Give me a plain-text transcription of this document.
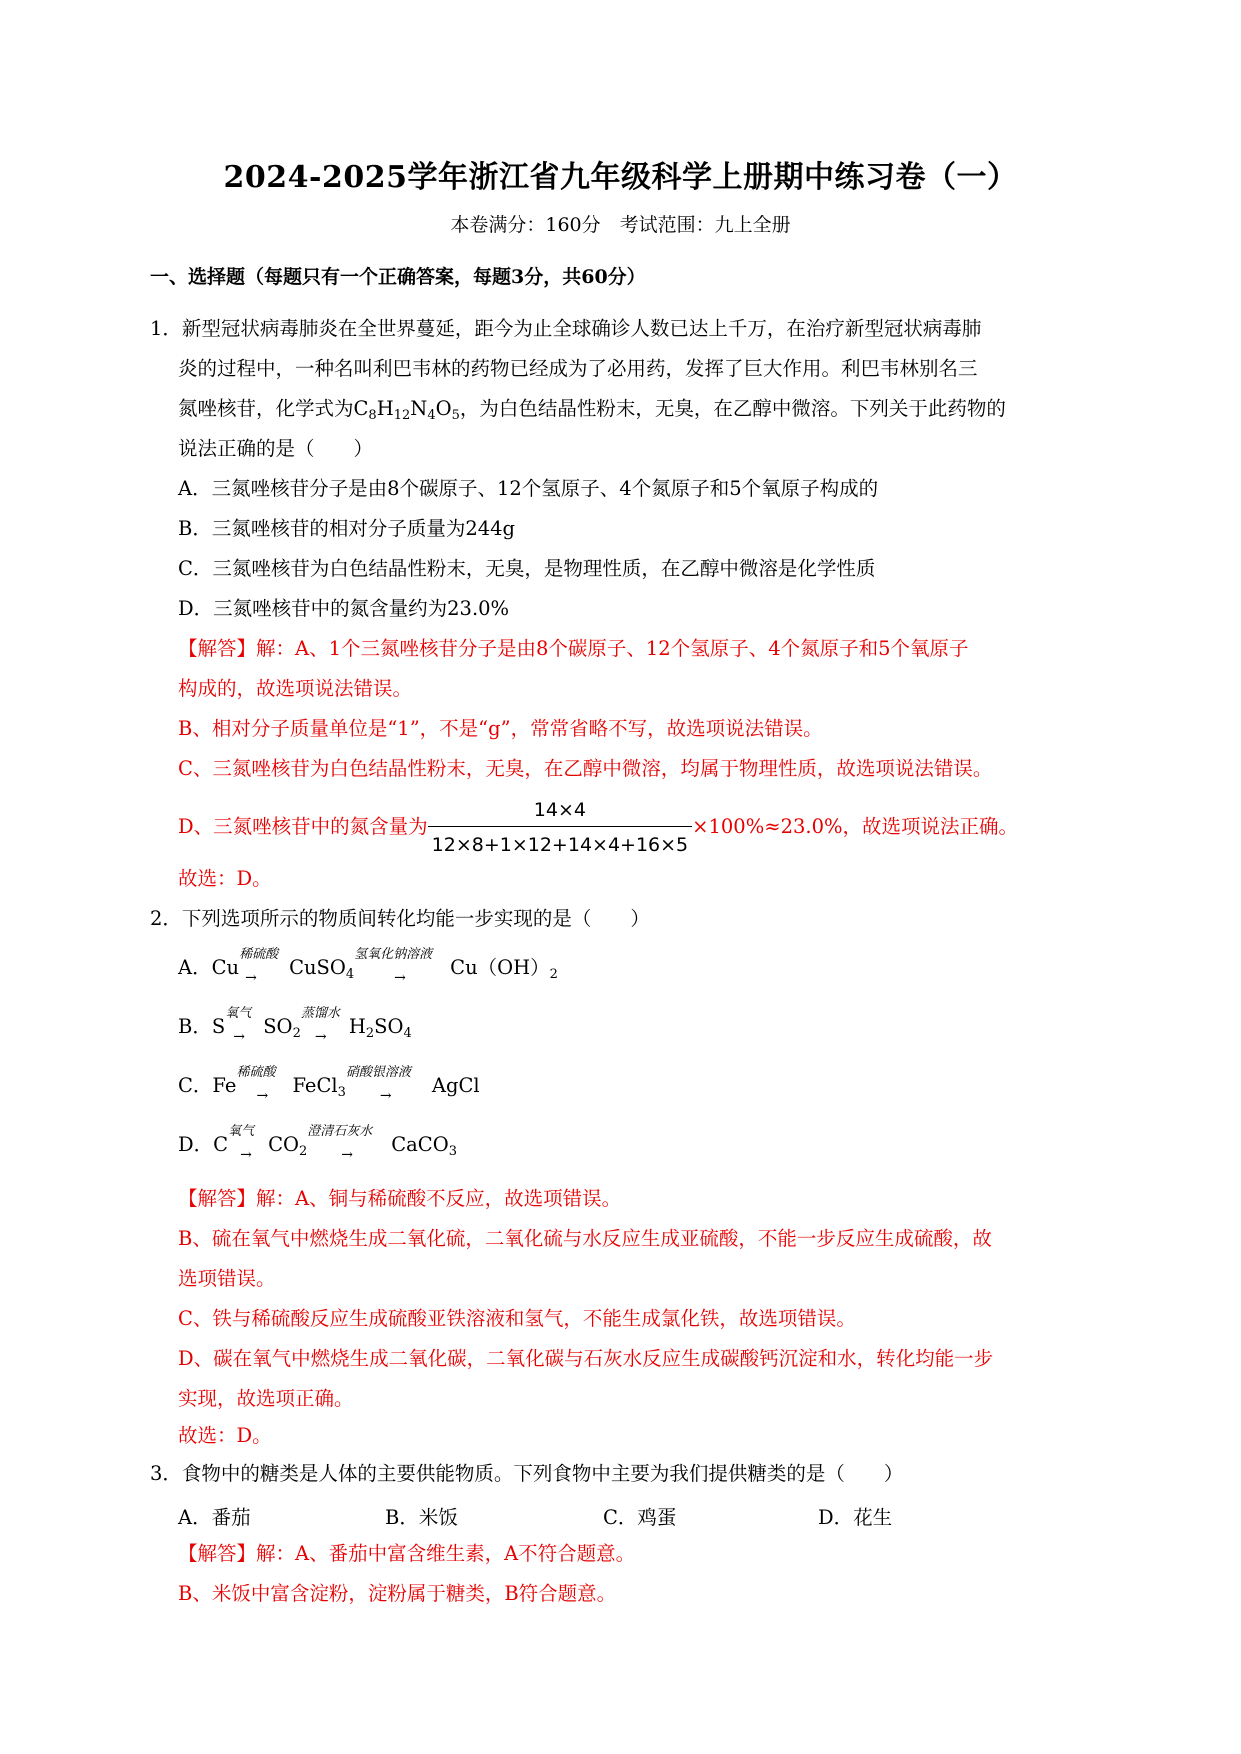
2024-2025学年浙江省九年级科学上册期中练习卷（一）
本卷满分：160分　考试范围：九上全册
一、选择题（每题只有一个正确答案，每题3分，共60分）
1．新型冠状病毒肺炎在全世界蔓延，距今为止全球确诊人数已达上千万，在治疗新型冠状病毒肺
炎的过程中，一种名叫利巴韦林的药物已经成为了必用药，发挥了巨大作用。利巴韦林别名三
氮唑核苷，化学式为$C_8H_{12}N_4O_5$，为白色结晶性粉末，无臭，在乙醇中微溶。下列关于此药物的
说法正确的是（　　）
A．三氮唑核苷分子是由8个碳原子、12个氢原子、4个氮原子和5个氧原子构成的
B．三氮唑核苷的相对分子质量为244g
C．三氮唑核苷为白色结晶性粉末，无臭，是物理性质，在乙醇中微溶是化学性质
D．三氮唑核苷中的氮含量约为23.0%
【解答】解：A、1个三氮唑核苷分子是由8个碳原子、12个氢原子、4个氮原子和5个氧原子
构成的，故选项说法错误。
B、相对分子质量单位是“1”，不是“g”，常常省略不写，故选项说法错误。
C、三氮唑核苷为白色结晶性粉末，无臭，在乙醇中微溶，均属于物理性质，故选项说法错误。
D、三氮唑核苷中的氮含量为 $\frac{14\times 4}{12\times 8+1\times 12+14\times 4+16\times 5} \times 100\%\approx 23.0\%$，故选项说法正确。
故选：D。
2．下列选项所示的物质间转化均能一步实现的是（　　）
A．Cu
稀硫酸
→ CuSO$_4$
氢氧化钠溶液
→ $Cu(OH)_2$
B．S
氧气
→ $SO_2$
蒸馏水
→ $H_2SO_4$
C．Fe
稀硫酸
→ FeCl$_3$
硝酸银溶液
→ AgCl
D．C
氧气
→ $CO_2$
澄清石灰水
→ CaCO$_3$
【解答】解：A、铜与稀硫酸不反应，故选项错误。
B、硫在氧气中燃烧生成二氧化硫，二氧化硫与水反应生成亚硫酸，不能一步反应生成硫酸，故
选项错误。
C、铁与稀硫酸反应生成硫酸亚铁溶液和氢气，不能生成氯化铁，故选项错误。
D、碳在氧气中燃烧生成二氧化碳，二氧化碳与石灰水反应生成碳酸钙沉淀和水，转化均能一步
实现，故选项正确。
故选：D。
3．食物中的糖类是人体的主要供能物质。下列食物中主要为我们提供糖类的是（　　）
A．番茄	B．米饭	C．鸡蛋	D．花生
【解答】解：A、番茄中富含维生素，A不符合题意。
B、米饭中富含淀粉，淀粉属于糖类，B符合题意。
